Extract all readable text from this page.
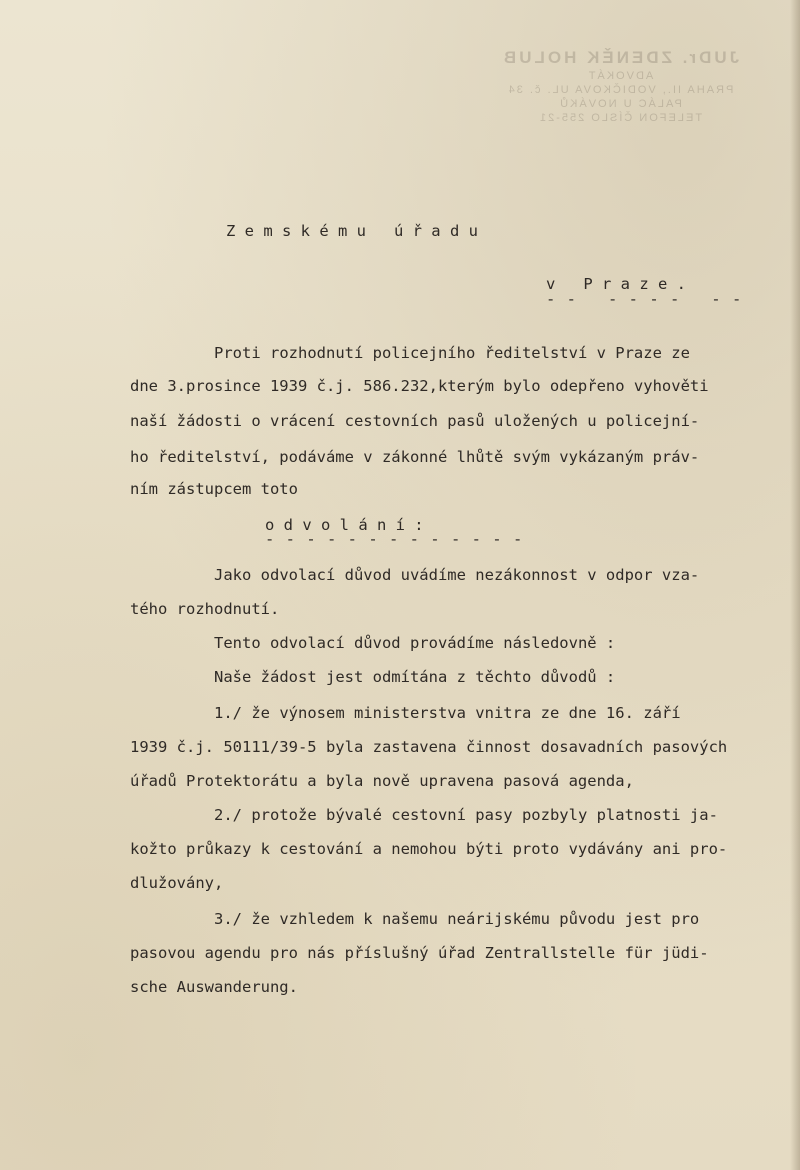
JUDr. ZDENĚK HOLUB
ADVOKÁT
PRAHA II., VODIČKOVA UL. č. 34
PALÁC U NOVÁKŮ
TELEFON ČÍSLO 255-21
Z e m s k é m u   ú ř a d u
v   P r a z e .
- -   - - - -   - -
Proti rozhodnutí policejního ředitelství v Praze ze
dne 3.prosince 1939 č.j. 586.232,kterým bylo odepřeno vyhověti
naší žádosti o vrácení cestovních pasů uložených u policejní-
ho ředitelství, podáváme v zákonné lhůtě svým vykázaným práv-
ním zástupcem toto
o d v o l á n í :
- - - - - - - - - - - - -
Jako odvolací důvod uvádíme nezákonnost v odpor vza-
tého rozhodnutí.
Tento odvolací důvod provádíme následovně :
Naše žádost jest odmítána z těchto důvodů :
1./ že výnosem ministerstva vnitra ze dne 16. září
1939 č.j. 50111/39-5 byla zastavena činnost dosavadních pasových
úřadů Protektorátu a byla nově upravena pasová agenda,
2./ protože bývalé cestovní pasy pozbyly platnosti ja-
kožto průkazy k cestování a nemohou býti proto vydávány ani pro-
dlužovány,
3./ že vzhledem k našemu neárijskému původu jest pro
pasovou agendu pro nás příslušný úřad Zentrallstelle für jüdi-
sche Auswanderung.
